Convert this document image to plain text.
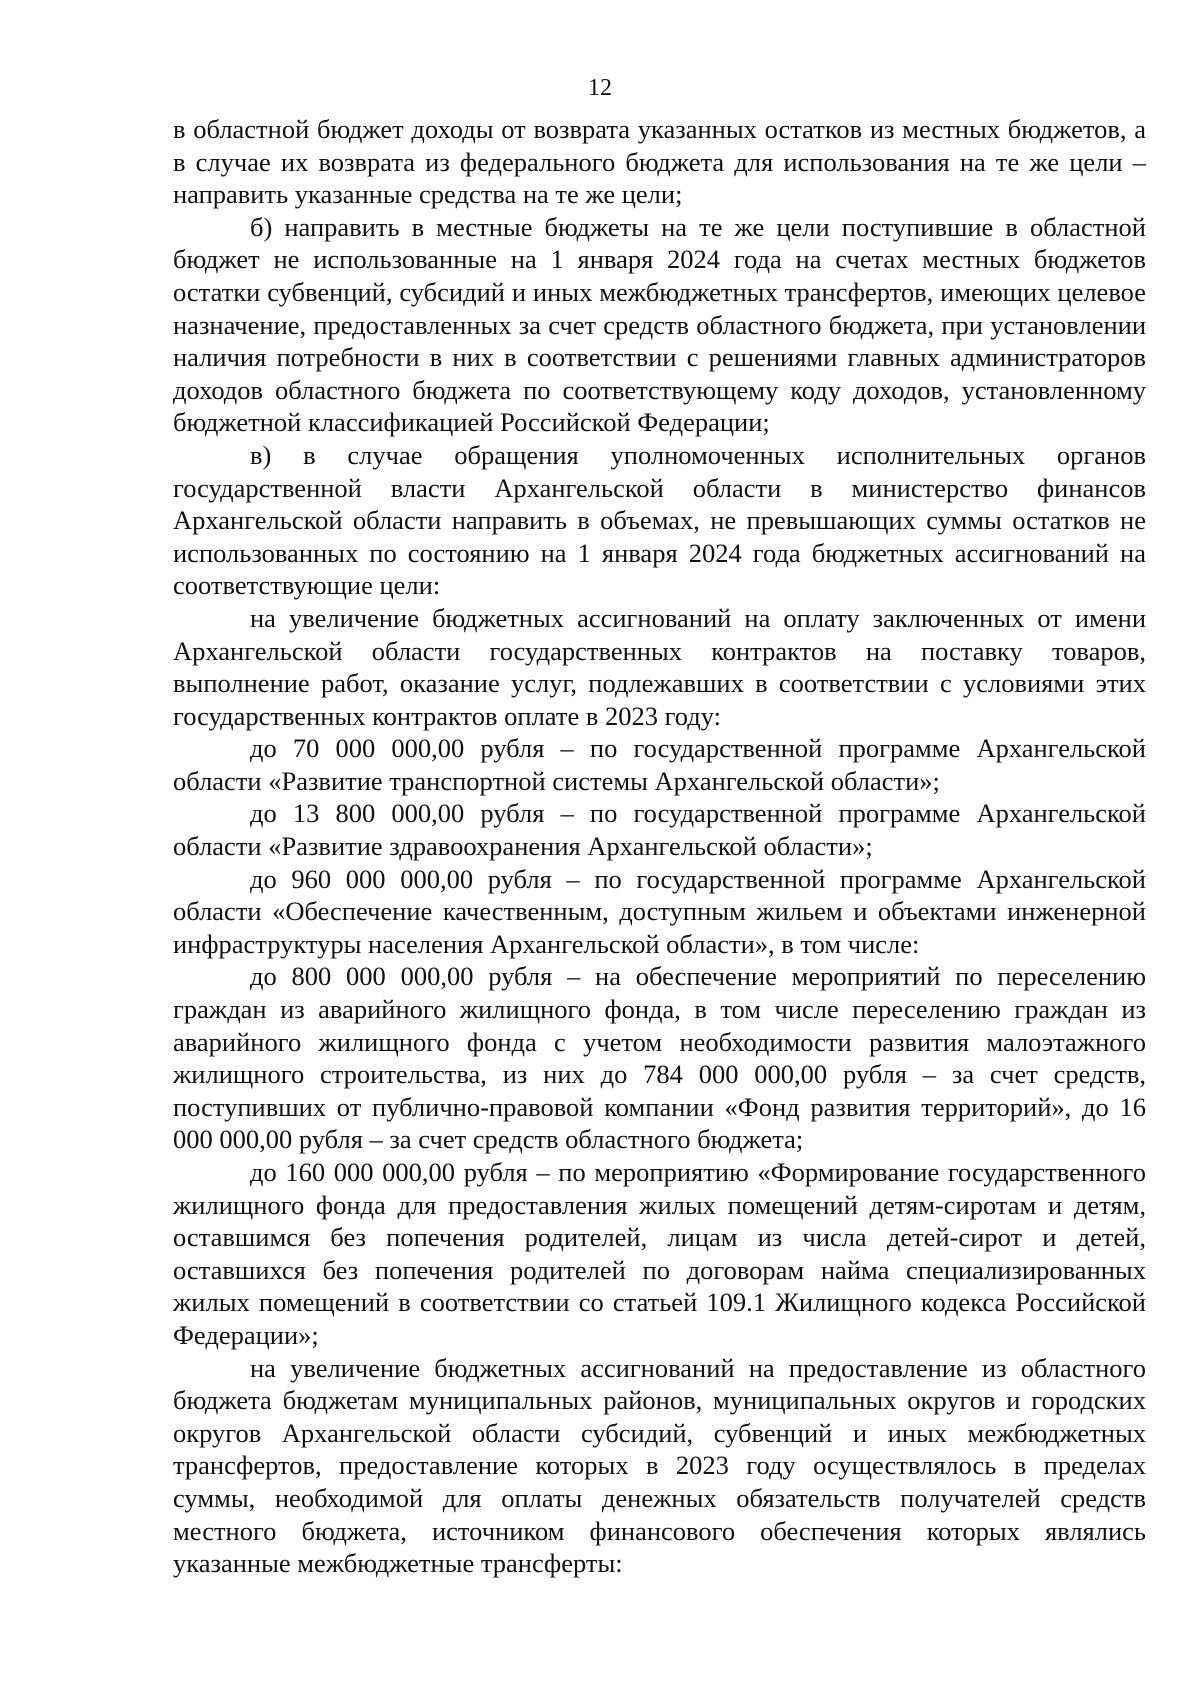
12

в областной бюджет доходы от возврата указанных остатков из местных бюджетов, а в случае их возврата из федерального бюджета для использования на те же цели – направить указанные средства на те же цели;

б) направить в местные бюджеты на те же цели поступившие в областной бюджет не использованные на 1 января 2024 года на счетах местных бюджетов остатки субвенций, субсидий и иных межбюджетных трансфертов, имеющих целевое назначение, предоставленных за счет средств областного бюджета, при установлении наличия потребности в них в соответствии с решениями главных администраторов доходов областного бюджета по соответствующему коду доходов, установленному бюджетной классификацией Российской Федерации;

в) в случае обращения уполномоченных исполнительных органов государственной власти Архангельской области в министерство финансов Архангельской области направить в объемах, не превышающих суммы остатков не использованных по состоянию на 1 января 2024 года бюджетных ассигнований на соответствующие цели:

на увеличение бюджетных ассигнований на оплату заключенных от имени Архангельской области государственных контрактов на поставку товаров, выполнение работ, оказание услуг, подлежавших в соответствии с условиями этих государственных контрактов оплате в 2023 году:

до 70 000 000,00 рубля – по государственной программе Архангельской области «Развитие транспортной системы Архангельской области»;

до 13 800 000,00 рубля – по государственной программе Архангельской области «Развитие здравоохранения Архангельской области»;

до 960 000 000,00 рубля – по государственной программе Архангельской области «Обеспечение качественным, доступным жильем и объектами инженерной инфраструктуры населения Архангельской области», в том числе:

до 800 000 000,00 рубля – на обеспечение мероприятий по переселению граждан из аварийного жилищного фонда, в том числе переселению граждан из аварийного жилищного фонда с учетом необходимости развития малоэтажного жилищного строительства, из них до 784 000 000,00 рубля – за счет средств, поступивших от публично-правовой компании «Фонд развития территорий», до 16 000 000,00 рубля – за счет средств областного бюджета;

до 160 000 000,00 рубля – по мероприятию «Формирование государственного жилищного фонда для предоставления жилых помещений детям-сиротам и детям, оставшимся без попечения родителей, лицам из числа детей-сирот и детей, оставшихся без попечения родителей по договорам найма специализированных жилых помещений в соответствии со статьей 109.1 Жилищного кодекса Российской Федерации»;

на увеличение бюджетных ассигнований на предоставление из областного бюджета бюджетам муниципальных районов, муниципальных округов и городских округов Архангельской области субсидий, субвенций и иных межбюджетных трансфертов, предоставление которых в 2023 году осуществлялось в пределах суммы, необходимой для оплаты денежных обязательств получателей средств местного бюджета, источником финансового обеспечения которых являлись указанные межбюджетные трансферты:
